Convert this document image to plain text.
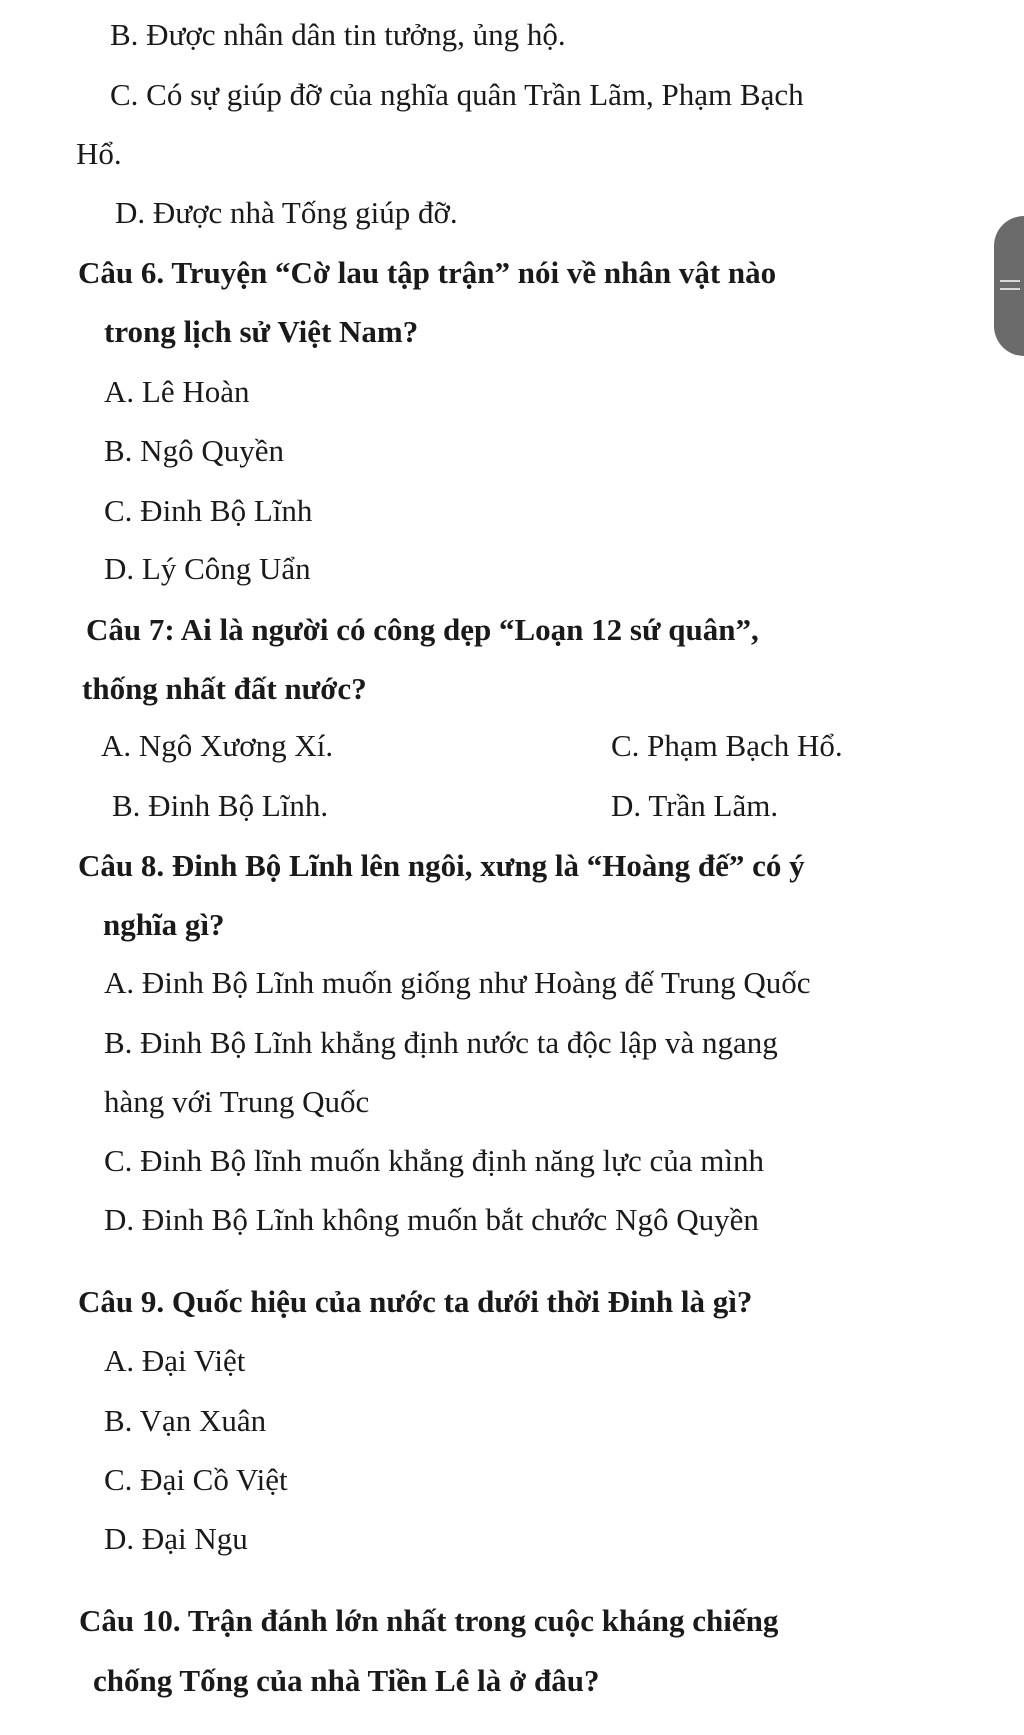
B. Được nhân dân tin tưởng, ủng hộ.
C. Có sự giúp đỡ của nghĩa quân Trần Lãm, Phạm Bạch
Hổ.
D. Được nhà Tống giúp đỡ.
Câu 6. Truyện “Cờ lau tập trận” nói về nhân vật nào
trong lịch sử Việt Nam?
A. Lê Hoàn
B. Ngô Quyền
C. Đinh Bộ Lĩnh
D. Lý Công Uẩn
Câu 7: Ai là người có công dẹp “Loạn 12 sứ quân”,
thống nhất đất nước?
A. Ngô Xương Xí.	C. Phạm Bạch Hổ.
B. Đinh Bộ Lĩnh.	D. Trần Lãm.
Câu 8. Đinh Bộ Lĩnh lên ngôi, xưng là “Hoàng đế” có ý
nghĩa gì?
A. Đinh Bộ Lĩnh muốn giống như Hoàng đế Trung Quốc
B. Đinh Bộ Lĩnh khẳng định nước ta độc lập và ngang
hàng với Trung Quốc
C. Đinh Bộ lĩnh muốn khẳng định năng lực của mình
D. Đinh Bộ Lĩnh không muốn bắt chước Ngô Quyền
Câu 9. Quốc hiệu của nước ta dưới thời Đinh là gì?
A. Đại Việt
B. Vạn Xuân
C. Đại Cồ Việt
D. Đại Ngu
Câu 10. Trận đánh lớn nhất trong cuộc kháng chiếng
chống Tống của nhà Tiền Lê là ở đâu?
